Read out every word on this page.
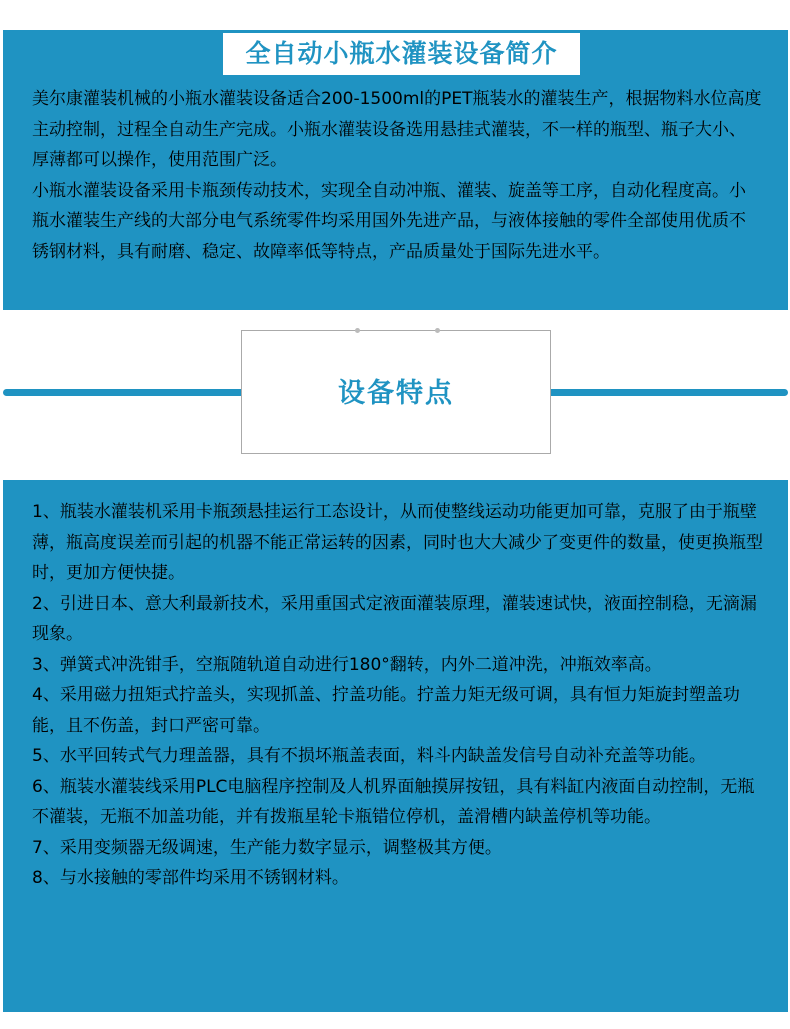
全自动小瓶水灌装设备简介
美尔康灌装机械的小瓶水灌装设备适合200-1500ml的PET瓶装水的灌装生产，根据物料水位高度主动控制，过程全自动生产完成。小瓶水灌装设备选用悬挂式灌装，不一样的瓶型、瓶子大小、厚薄都可以操作，使用范围广泛。
小瓶水灌装设备采用卡瓶颈传动技术，实现全自动冲瓶、灌装、旋盖等工序，自动化程度高。小瓶水灌装生产线的大部分电气系统零件均采用国外先进产品，与液体接触的零件全部使用优质不锈钢材料，具有耐磨、稳定、故障率低等特点，产品质量处于国际先进水平。
设备特点
1、瓶装水灌装机采用卡瓶颈悬挂运行工态设计，从而使整线运动功能更加可靠，克服了由于瓶壁薄，瓶高度误差而引起的机器不能正常运转的因素，同时也大大减少了变更件的数量，使更换瓶型时，更加方便快捷。
2、引进日本、意大利最新技术，采用重国式定液面灌装原理，灌装速试快，液面控制稳，无滴漏现象。
3、弹簧式冲洗钳手，空瓶随轨道自动进行180°翻转，内外二道冲洗，冲瓶效率高。
4、采用磁力扭矩式拧盖头，实现抓盖、拧盖功能。拧盖力矩无级可调，具有恒力矩旋封塑盖功能，且不伤盖，封口严密可靠。
5、水平回转式气力理盖器，具有不损坏瓶盖表面，料斗内缺盖发信号自动补充盖等功能。
6、瓶装水灌装线采用PLC电脑程序控制及人机界面触摸屏按钮，具有料缸内液面自动控制，无瓶不灌装，无瓶不加盖功能，并有拨瓶星轮卡瓶错位停机，盖滑槽内缺盖停机等功能。
7、采用变频器无级调速，生产能力数字显示，调整极其方便。
8、与水接触的零部件均采用不锈钢材料。
